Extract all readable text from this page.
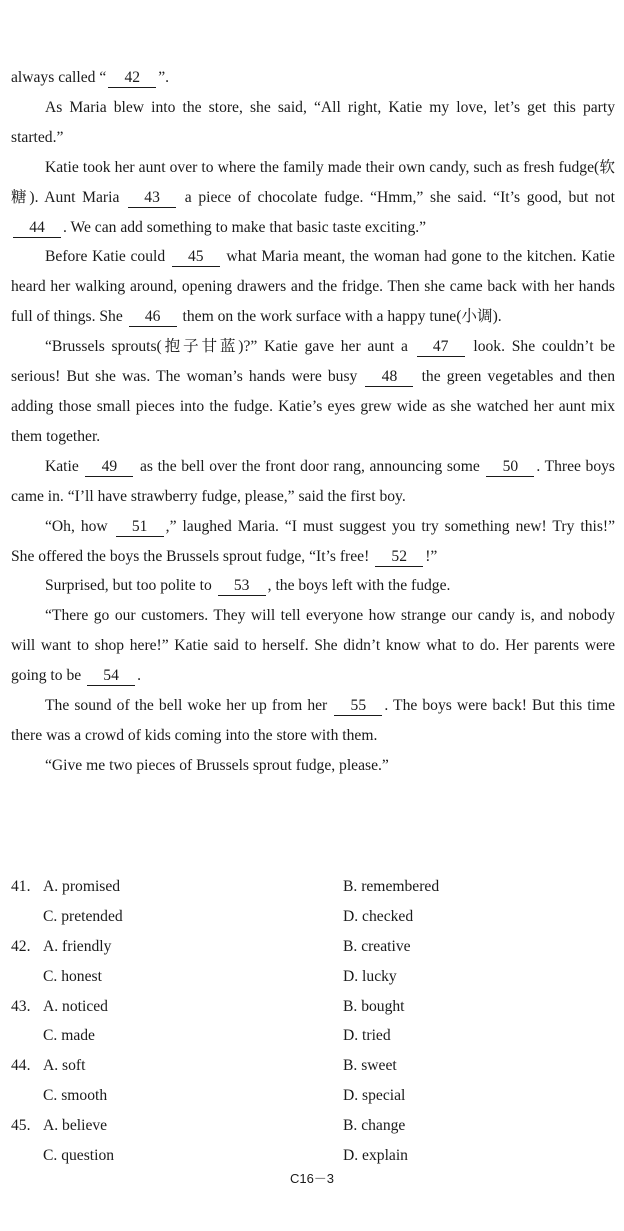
always called “ 42 ”.

As Maria blew into the store, she said, “All right, Katie my love, let’s get this party started.”

Katie took her aunt over to where the family made their own candy, such as fresh fudge(软糖). Aunt Maria 43 a piece of chocolate fudge. “Hmm,” she said. “It’s good, but not 44 . We can add something to make that basic taste exciting.”

Before Katie could 45 what Maria meant, the woman had gone to the kitchen. Katie heard her walking around, opening drawers and the fridge. Then she came back with her hands full of things. She 46 them on the work surface with a happy tune(小调).

“Brussels sprouts(抱子甘蓝)?” Katie gave her aunt a 47 look. She couldn’t be serious! But she was. The woman’s hands were busy 48 the green vegetables and then adding those small pieces into the fudge. Katie’s eyes grew wide as she watched her aunt mix them together.

Katie 49 as the bell over the front door rang, announcing some 50 . Three boys came in. “I’ll have strawberry fudge, please,” said the first boy.

“Oh, how 51 ,” laughed Maria. “I must suggest you try something new! Try this!” She offered the boys the Brussels sprout fudge, “It’s free! 52 !”

Surprised, but too polite to 53 , the boys left with the fudge.

“There go our customers. They will tell everyone how strange our candy is, and nobody will want to shop here!” Katie said to herself. She didn’t know what to do. Her parents were going to be 54 .

The sound of the bell woke her up from her 55 . The boys were back! But this time there was a crowd of kids coming into the store with them.

“Give me two pieces of Brussels sprout fudge, please.”

41. A. promised	B. remembered
C. pretended	D. checked
42. A. friendly	B. creative
C. honest	D. lucky
43. A. noticed	B. bought
C. made	D. tried
44. A. soft	B. sweet
C. smooth	D. special
45. A. believe	B. change
C. question	D. explain
C16－3
